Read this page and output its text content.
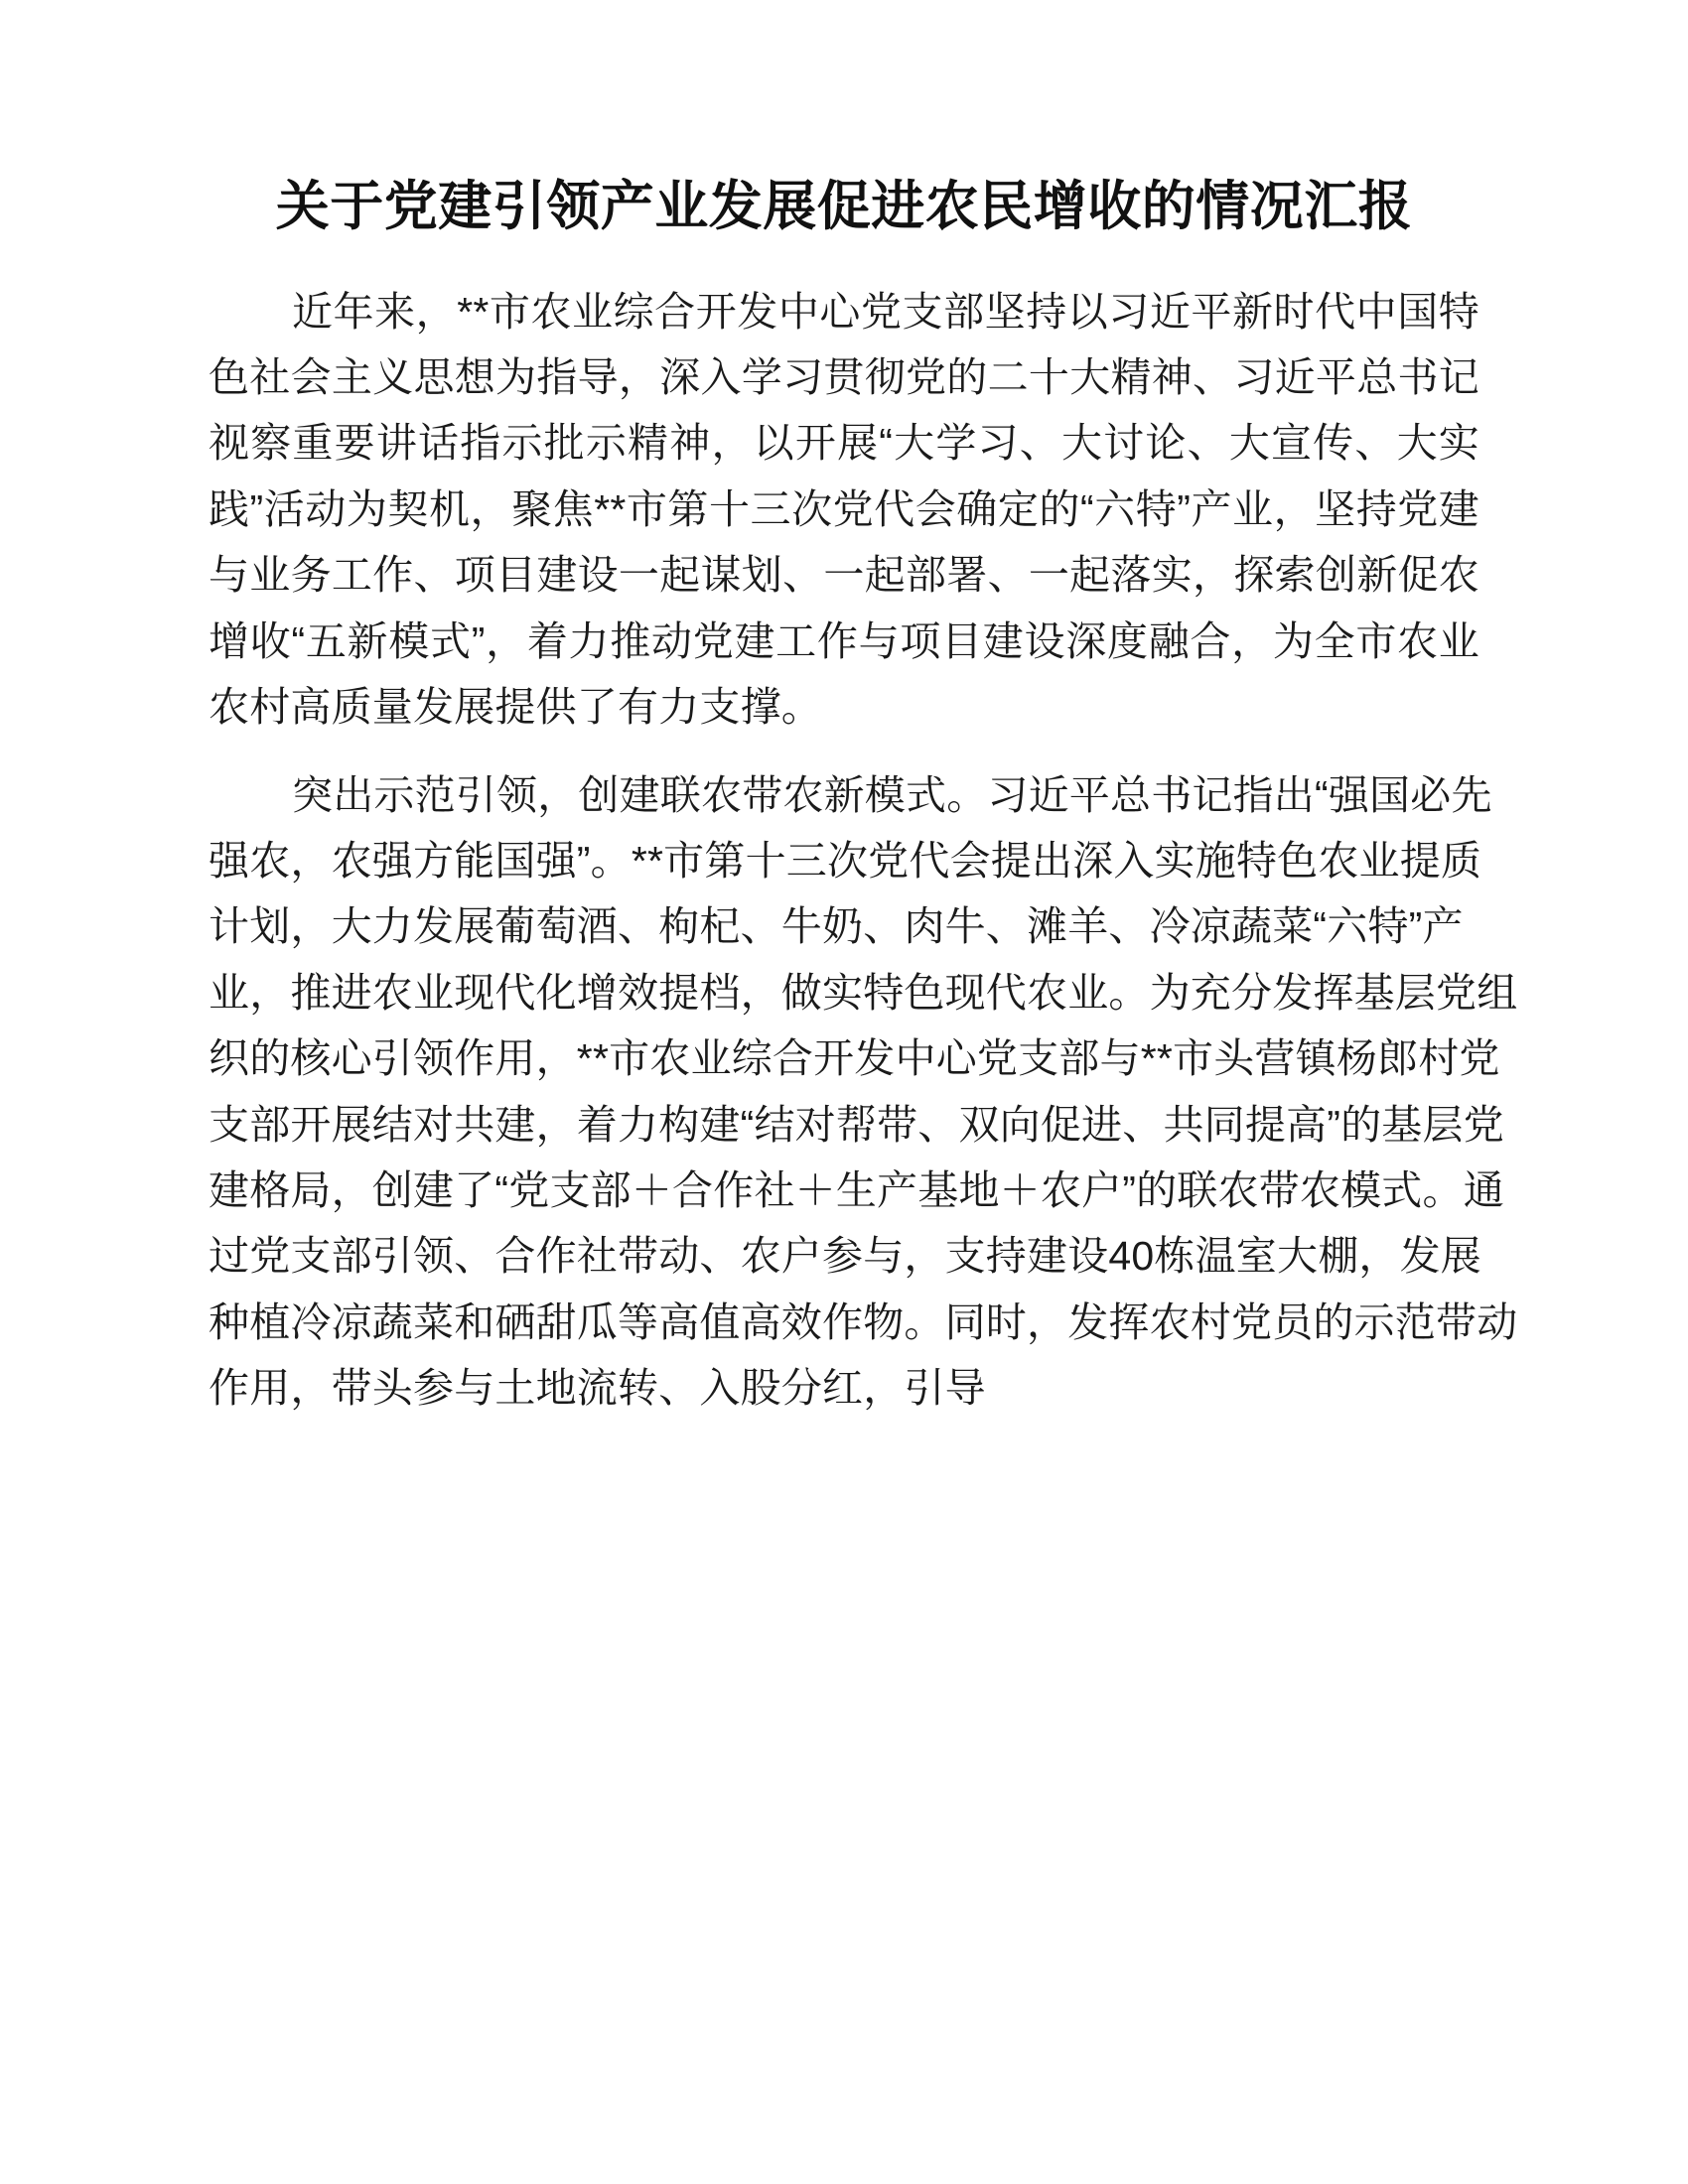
关于党建引领产业发展促进农民增收的情况汇报

近年来，**市农业综合开发中心党支部坚持以习近平新时代中国特色社会主义思想为指导，深入学习贯彻党的二十大精神、习近平总书记视察重要讲话指示批示精神，以开展“大学习、大讨论、大宣传、大实践”活动为契机，聚焦**市第十三次党代会确定的“六特”产业，坚持党建与业务工作、项目建设一起谋划、一起部署、一起落实，探索创新促农增收“五新模式”，着力推动党建工作与项目建设深度融合，为全市农业农村高质量发展提供了有力支撑。

突出示范引领，创建联农带农新模式。习近平总书记指出“强国必先强农，农强方能国强”。**市第十三次党代会提出深入实施特色农业提质计划，大力发展葡萄酒、枸杞、牛奶、肉牛、滩羊、冷凉蔬菜“六特”产业，推进农业现代化增效提档，做实特色现代农业。为充分发挥基层党组织的核心引领作用，**市农业综合开发中心党支部与**市头营镇杨郎村党支部开展结对共建，着力构建“结对帮带、双向促进、共同提高”的基层党建格局，创建了“党支部＋合作社＋生产基地＋农户”的联农带农模式。通过党支部引领、合作社带动、农户参与，支持建设40栋温室大棚，发展种植冷凉蔬菜和硒甜瓜等高值高效作物。同时，发挥农村党员的示范带动作用，带头参与土地流转、入股分红，引导
